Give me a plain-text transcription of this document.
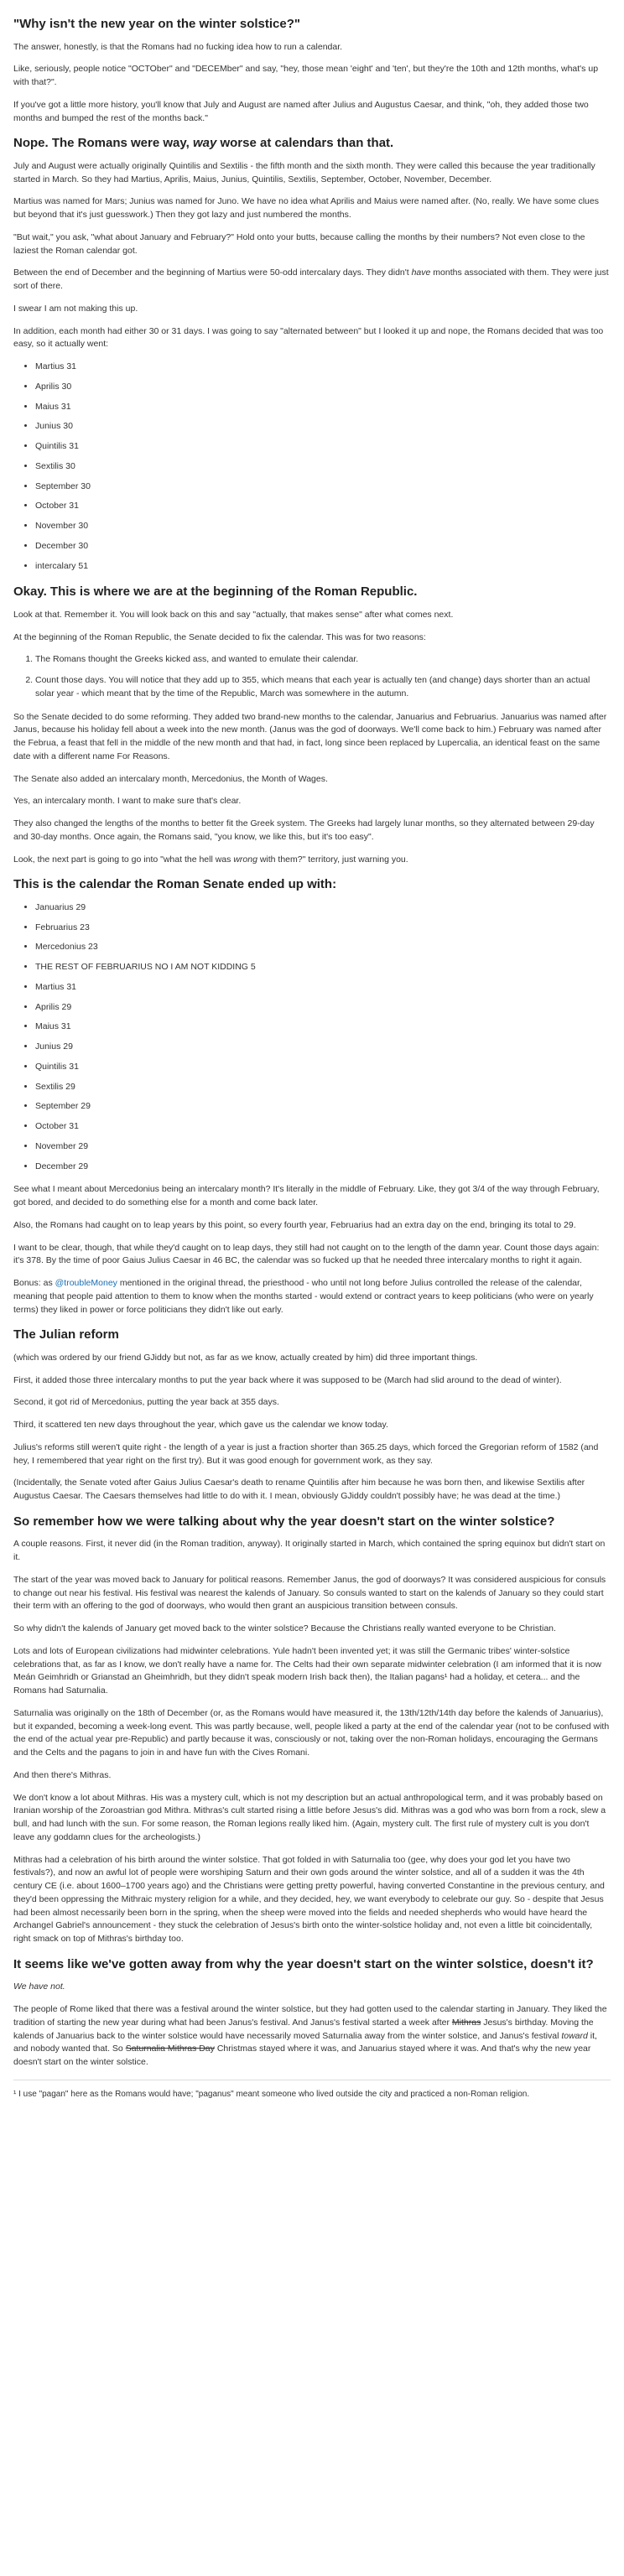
"Why isn't the new year on the winter solstice?"

The answer, honestly, is that the Romans had no fucking idea how to run a calendar.

Like, seriously, people notice "OCTOber" and "DECEMber" and say, "hey, those mean 'eight' and 'ten', but they're the 10th and 12th months, what's up with that?".

If you've got a little more history, you'll know that July and August are named after Julius and Augustus Caesar, and think, "oh, they added those two months and bumped the rest of the months back."

Nope. The Romans were way, way worse at calendars than that.

July and August were actually originally Quintilis and Sextilis - the fifth month and the sixth month. They were called this because the year traditionally started in March. So they had Martius, Aprilis, Maius, Junius, Quintilis, Sextilis, September, October, November, December.

Martius was named for Mars; Junius was named for Juno. We have no idea what Aprilis and Maius were named after. (No, really. We have some clues but beyond that it's just guesswork.) Then they got lazy and just numbered the months.

"But wait," you ask, "what about January and February?" Hold onto your butts, because calling the months by their numbers? Not even close to the laziest the Roman calendar got.

Between the end of December and the beginning of Martius were 50-odd intercalary days. They didn't have months associated with them. They were just sort of there.

I swear I am not making this up.

In addition, each month had either 30 or 31 days. I was going to say "alternated between" but I looked it up and nope, the Romans decided that was too easy, so it actually went:

• Martius 31
• Aprilis 30
• Maius 31
• Junius 30
• Quintilis 31
• Sextilis 30
• September 30
• October 31
• November 30
• December 30
• intercalary 51
Okay. This is where we are at the beginning of the Roman Republic.

Look at that. Remember it. You will look back on this and say "actually, that makes sense" after what comes next.

At the beginning of the Roman Republic, the Senate decided to fix the calendar. This was for two reasons:

1. The Romans thought the Greeks kicked ass, and wanted to emulate their calendar.
2. Count those days. You will notice that they add up to 355, which means that each year is actually ten (and change) days shorter than an actual solar year - which meant that by the time of the Republic, March was somewhere in the autumn.

So the Senate decided to do some reforming. They added two brand-new months to the calendar, Januarius and Februarius. Januarius was named after Janus, because his holiday fell about a week into the new month. (Janus was the god of doorways. We'll come back to him.) February was named after the Februa, a feast that fell in the middle of the new month and that had, in fact, long since been replaced by Lupercalia, an identical feast on the same date with a different name For Reasons.

The Senate also added an intercalary month, Mercedonius, the Month of Wages.

Yes, an intercalary month. I want to make sure that's clear.

They also changed the lengths of the months to better fit the Greek system. The Greeks had largely lunar months, so they alternated between 29-day and 30-day months. Once again, the Romans said, "you know, we like this, but it's too easy".

Look, the next part is going to go into "what the hell was wrong with them?" territory, just warning you.

This is the calendar the Roman Senate ended up with:
• Januarius 29
• Februarius 23
• Mercedonius 23
• THE REST OF FEBRUARIUS NO I AM NOT KIDDING 5
• Martius 31
• Aprilis 29
• Maius 31
• Junius 29
• Quintilis 31
• Sextilis 29
• September 29
• October 31
• November 29
• December 29

See what I meant about Mercedonius being an intercalary month? It's literally in the middle of February. Like, they got 3/4 of the way through February, got bored, and decided to do something else for a month and come back later.

Also, the Romans had caught on to leap years by this point, so every fourth year, Februarius had an extra day on the end, bringing its total to 29.

I want to be clear, though, that while they'd caught on to leap days, they still had not caught on to the length of the damn year. Count those days again: it's 378. By the time of poor Gaius Julius Caesar in 46 BC, the calendar was so fucked up that he needed three intercalary months to right it again.

Bonus: as @troubleMoney mentioned in the original thread, the priesthood - who until not long before Julius controlled the release of the calendar, meaning that people paid attention to them to know when the months started - would extend or contract years to keep politicians (who were on yearly terms) they liked in power or force politicians they didn't like out early.

The Julian reform

(which was ordered by our friend GJiddy but not, as far as we know, actually created by him) did three important things.

First, it added those three intercalary months to put the year back where it was supposed to be (March had slid around to the dead of winter).

Second, it got rid of Mercedonius, putting the year back at 355 days.

Third, it scattered ten new days throughout the year, which gave us the calendar we know today.

Julius's reforms still weren't quite right - the length of a year is just a fraction shorter than 365.25 days, which forced the Gregorian reform of 1582 (and hey, I remembered that year right on the first try). But it was good enough for government work, as they say.

(Incidentally, the Senate voted after Gaius Julius Caesar's death to rename Quintilis after him because he was born then, and likewise Sextilis after Augustus Caesar. The Caesars themselves had little to do with it. I mean, obviously GJiddy couldn't possibly have; he was dead at the time.)

So remember how we were talking about why the year doesn't start on the winter solstice?

A couple reasons. First, it never did (in the Roman tradition, anyway). It originally started in March, which contained the spring equinox but didn't start on it.

The start of the year was moved back to January for political reasons. Remember Janus, the god of doorways? It was considered auspicious for consuls to change out near his festival. His festival was nearest the kalends of January. So consuls wanted to start on the kalends of January so they could start their term with an offering to the god of doorways, who would then grant an auspicious transition between consuls.

So why didn't the kalends of January get moved back to the winter solstice? Because the Christians really wanted everyone to be Christian.

Lots and lots of European civilizations had midwinter celebrations. Yule hadn't been invented yet; it was still the Germanic tribes' winter-solstice celebrations that, as far as I know, we don't really have a name for. The Celts had their own separate midwinter celebration (I am informed that it is now Meán Geimhridh or Grianstad an Gheimhridh, but they didn't speak modern Irish back then), the Italian pagans¹ had a holiday, et cetera... and the Romans had Saturnalia.

Saturnalia was originally on the 18th of December (or, as the Romans would have measured it, the 13th/12th/14th day before the kalends of Januarius), but it expanded, becoming a week-long event. This was partly because, well, people liked a party at the end of the calendar year (not to be confused with the end of the actual year pre-Republic) and partly because it was, consciously or not, taking over the non-Roman holidays, encouraging the Germans and the Celts and the pagans to join in and have fun with the Cives Romani.

And then there's Mithras.

We don't know a lot about Mithras. His was a mystery cult, which is not my description but an actual anthropological term, and it was probably based on Iranian worship of the Zoroastrian god Mithra. Mithras's cult started rising a little before Jesus's did. Mithras was a god who was born from a rock, slew a bull, and had lunch with the sun. For some reason, the Roman legions really liked him. (Again, mystery cult. The first rule of mystery cult is you don't leave any goddamn clues for the archeologists.)

Mithras had a celebration of his birth around the winter solstice. That got folded in with Saturnalia too (gee, why does your god let you have two festivals?), and now an awful lot of people were worshiping Saturn and their own gods around the winter solstice, and all of a sudden it was the 4th century CE (i.e. about 1600–1700 years ago) and the Christians were getting pretty powerful, having converted Constantine in the previous century, and they'd been oppressing the Mithraic mystery religion for a while, and they decided, hey, we want everybody to celebrate our guy. So - despite that Jesus had been almost necessarily been born in the spring, when the sheep were moved into the fields and needed shepherds who would have heard the Archangel Gabriel's announcement - they stuck the celebration of Jesus's birth onto the winter-solstice holiday and, not even a little bit coincidentally, right smack on top of Mithras's birthday too.

It seems like we've gotten away from why the year doesn't start on the winter solstice, doesn't it?

We have not.

The people of Rome liked that there was a festival around the winter solstice, but they had gotten used to the calendar starting in January. They liked the tradition of starting the new year during what had been Janus's festival. And Janus's festival started a week after Mithras Jesus's birthday. Moving the kalends of Januarius back to the winter solstice would have necessarily moved Saturnalia away from the winter solstice, and Janus's festival toward it, and nobody wanted that. So Saturnalia Mithras Day Christmas stayed where it was, and Januarius stayed where it was. And that's why the new year doesn't start on the winter solstice.

¹ I use "pagan" here as the Romans would have; "paganus" meant someone who lived outside the city and practiced a non-Roman religion.
